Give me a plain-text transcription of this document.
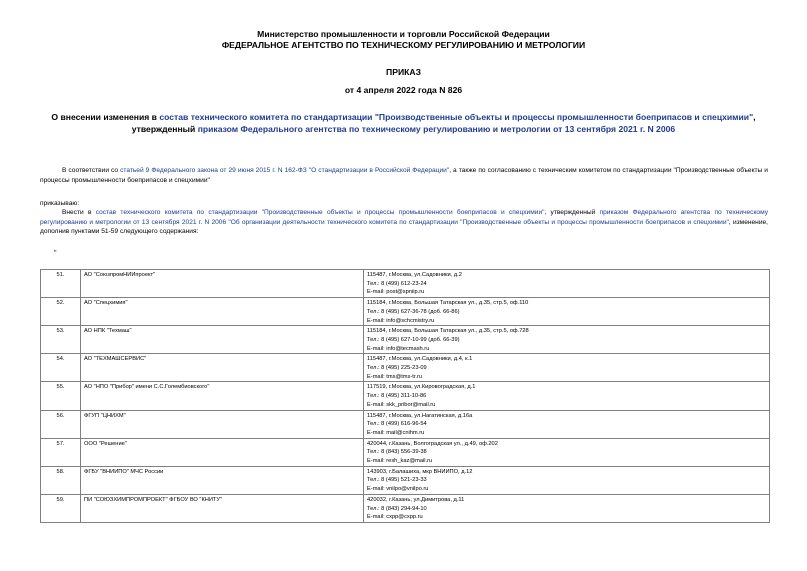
Министерство промышленности и торговли Российской Федерации
ФЕДЕРАЛЬНОЕ АГЕНТСТВО ПО ТЕХНИЧЕСКОМУ РЕГУЛИРОВАНИЮ И МЕТРОЛОГИИ
ПРИКАЗ
от 4 апреля 2022 года N 826
О внесении изменения в состав технического комитета по стандартизации "Производственные объекты и процессы промышленности боеприпасов и спецхимии", утвержденный приказом Федерального агентства по техническому регулированию и метрологии от 13 сентября 2021 г. N 2006
В соответствии со статьей 9 Федерального закона от 29 июня 2015 г. N 162-ФЗ "О стандартизации в Российской Федерации", а также по согласованию с техническим комитетом по стандартизации "Производственные объекты и процессы промышленности боеприпасов и спецхимии"
приказываю:
Внести в состав технического комитета по стандартизации "Производственные объекты и процессы промышленности боеприпасов и спецхимии", утвержденный приказом Федерального агентства по техническому регулированию и метрологии от 13 сентября 2021 г. N 2006 "Об организации деятельности технического комитета по стандартизации "Производственные объекты и процессы промышленности боеприпасов и спецхимии", изменение, дополнив пунктами 51-59 следующего содержания:
"
51.	АО "СоюзпромНИИпроект"	115487, г.Москва, ул.Садовники, д.2
Тел.: 8 (499) 612-23-24
E-mail: post@spniip.ru

52.	АО "Спецхимия"	115184, г.Москва, Большая Татарская ул., д.35, стр.5, оф.110
Тел.: 8 (495) 627-36-78 (доб. 66-86)
E-mail: info@schcmistry.ru

53.	АО НПК "Техмаш"	115184, г.Москва, Большая Татарская ул., д.35, стр.5, оф.728
Тел.: 8 (495) 627-10-99 (доб. 66-39)
E-mail: info@tecmash.ru

54.	АО "ТЕХМАШСЕРВИС"	115487, г.Москва, ул.Садовники, д.4, к.1
Тел.: 8 (495) 225-23-09
E-mail: tms@tms-tr.ru

55.	АО "НПО "Прибор" имени С.С.Голембиовского"	117519, г.Москва, ул.Кировоградская, д.1
Тел.: 8 (495) 311-10-86
E-mail: skk_pribor@mail.ru

56.	ФГУП "ЦНИХМ"	115487, г.Москва, ул.Нагатинская, д.16а
Тел.: 8 (499) 616-96-54
E-mail: mail@cnihm.ru

57.	ООО "Решение"	420044, г.Казань, Волгоградская ул., д.49, оф.202
Тел.: 8 (843) 556-39-38
E-mail: resh_kaz@mail.ru

58.	ФГБУ "ВНИИПО" МЧС России	143903, г.Балашиха, мкр ВНИИПО, д.12
Тел.: 8 (495) 521-23-33
E-mail: vnilpo@vnilpo.ru

59.	ПИ "СОЮЗХИМПРОМПРОЕКТ" ФГБОУ ВО "КНИТУ"	420032, г.Казань, ул.Димитрова, д.11
Тел.: 8 (843) 294-94-10
E-mail: cxpp@cxpp.ru
